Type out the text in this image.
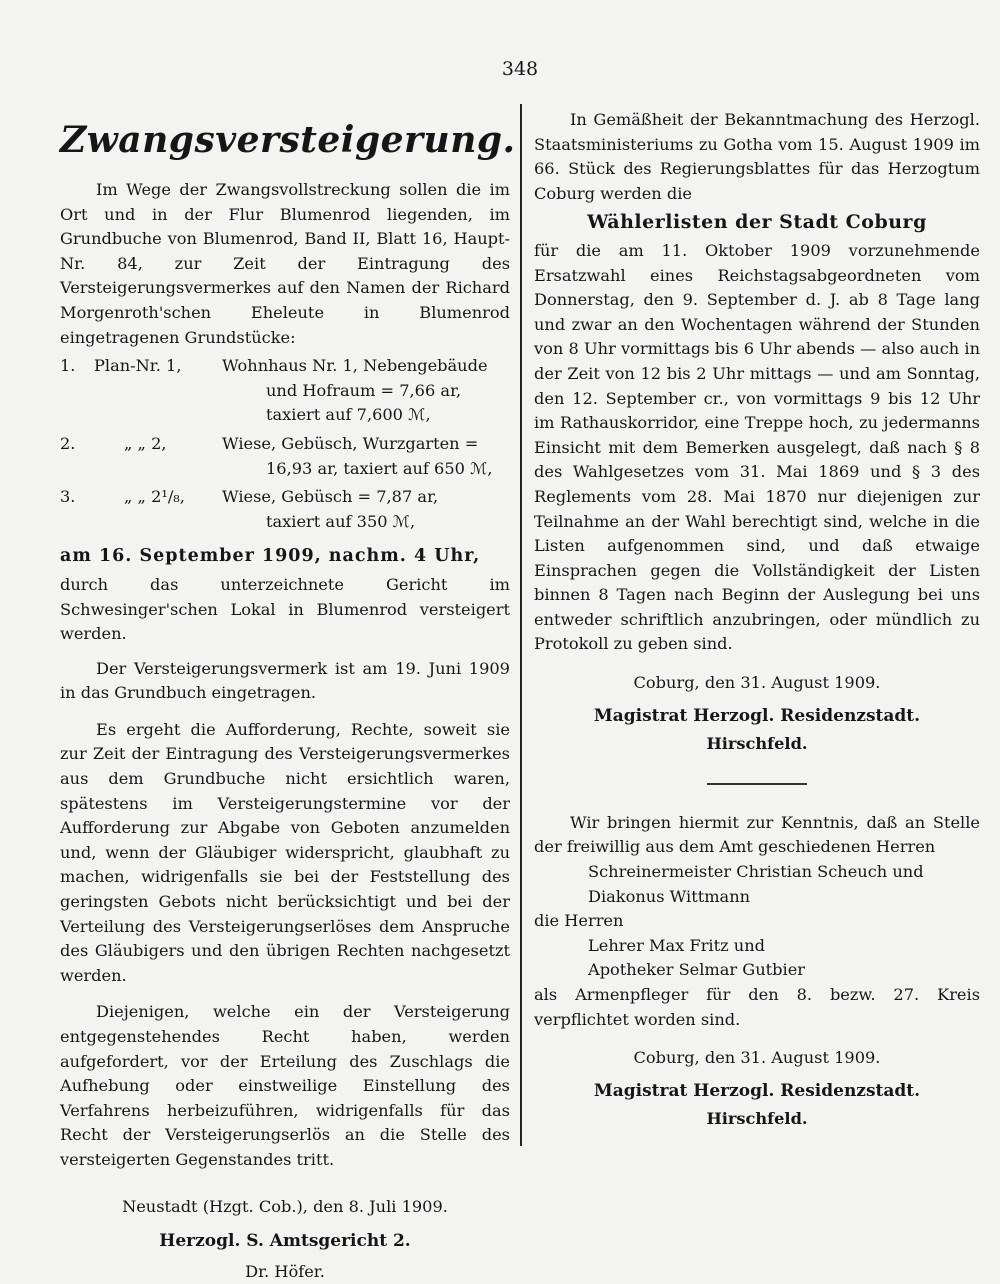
348
Zwangsversteigerung.

Im Wege der Zwangsvollstreckung sollen die im Ort und in der Flur Blumenrod liegenden, im Grundbuche von Blumenrod, Band II, Blatt 16, Haupt-Nr. 84, zur Zeit der Eintragung des Versteigerungsvermerkes auf den Namen der Richard Morgenroth'schen Eheleute in Blumenrod eingetragenen Grundstücke:

1.	Plan-Nr. 1,	Wohnhaus Nr. 1, Nebengebäude

und Hofraum = 7,66 ar,

taxiert auf 7,600 ℳ,

2.	„ „ 2,	Wiese, Gebüsch, Wurzgarten =

16,93 ar, taxiert auf 650 ℳ,

3.	„ „ 2¹/₈,	Wiese, Gebüsch = 7,87 ar,

taxiert auf 350 ℳ,

am 16. September 1909, nachm. 4 Uhr,

durch das unterzeichnete Gericht im Schwesinger'schen Lokal in Blumenrod versteigert werden.

Der Versteigerungsvermerk ist am 19. Juni 1909 in das Grundbuch eingetragen.

Es ergeht die Aufforderung, Rechte, soweit sie zur Zeit der Eintragung des Versteigerungsvermerkes aus dem Grundbuche nicht ersichtlich waren, spätestens im Versteigerungstermine vor der Aufforderung zur Abgabe von Geboten anzumelden und, wenn der Gläubiger widerspricht, glaubhaft zu machen, widrigenfalls sie bei der Feststellung des geringsten Gebots nicht berücksichtigt und bei der Verteilung des Versteigerungserlöses dem Anspruche des Gläubigers und den übrigen Rechten nachgesetzt werden.

Diejenigen, welche ein der Versteigerung entgegenstehendes Recht haben, werden aufgefordert, vor der Erteilung des Zuschlags die Aufhebung oder einstweilige Einstellung des Verfahrens herbeizuführen, widrigenfalls für das Recht der Versteigerungserlös an die Stelle des versteigerten Gegenstandes tritt.

Neustadt (Hzgt. Cob.), den 8. Juli 1909.
Herzogl. S. Amtsgericht 2.
Dr. Höfer.

In Gemäßheit der Bekanntmachung des Herzogl. Staatsministeriums zu Gotha vom 15. August 1909 im 66. Stück des Regierungsblattes für das Herzogtum Coburg werden die

Wählerlisten der Stadt Coburg

für die am 11. Oktober 1909 vorzunehmende Ersatzwahl eines Reichstagsabgeordneten vom Donnerstag, den 9. September d. J. ab 8 Tage lang und zwar an den Wochentagen während der Stunden von 8 Uhr vormittags bis 6 Uhr abends — also auch in der Zeit von 12 bis 2 Uhr mittags — und am Sonntag, den 12. September cr., von vormittags 9 bis 12 Uhr im Rathauskorridor, eine Treppe hoch, zu jedermanns Einsicht mit dem Bemerken ausgelegt, daß nach § 8 des Wahlgesetzes vom 31. Mai 1869 und § 3 des Reglements vom 28. Mai 1870 nur diejenigen zur Teilnahme an der Wahl berechtigt sind, welche in die Listen aufgenommen sind, und daß etwaige Einsprachen gegen die Vollständigkeit der Listen binnen 8 Tagen nach Beginn der Auslegung bei uns entweder schriftlich anzubringen, oder mündlich zu Protokoll zu geben sind.

Coburg, den 31. August 1909.
Magistrat Herzogl. Residenzstadt.
Hirschfeld.

Wir bringen hiermit zur Kenntnis, daß an Stelle der freiwillig aus dem Amt geschiedenen Herren

Schreinermeister Christian Scheuch und

Diakonus Wittmann

die Herren

Lehrer Max Fritz und

Apotheker Selmar Gutbier

als Armenpfleger für den 8. bezw. 27. Kreis verpflichtet worden sind.

Coburg, den 31. August 1909.
Magistrat Herzogl. Residenzstadt.
Hirschfeld.
